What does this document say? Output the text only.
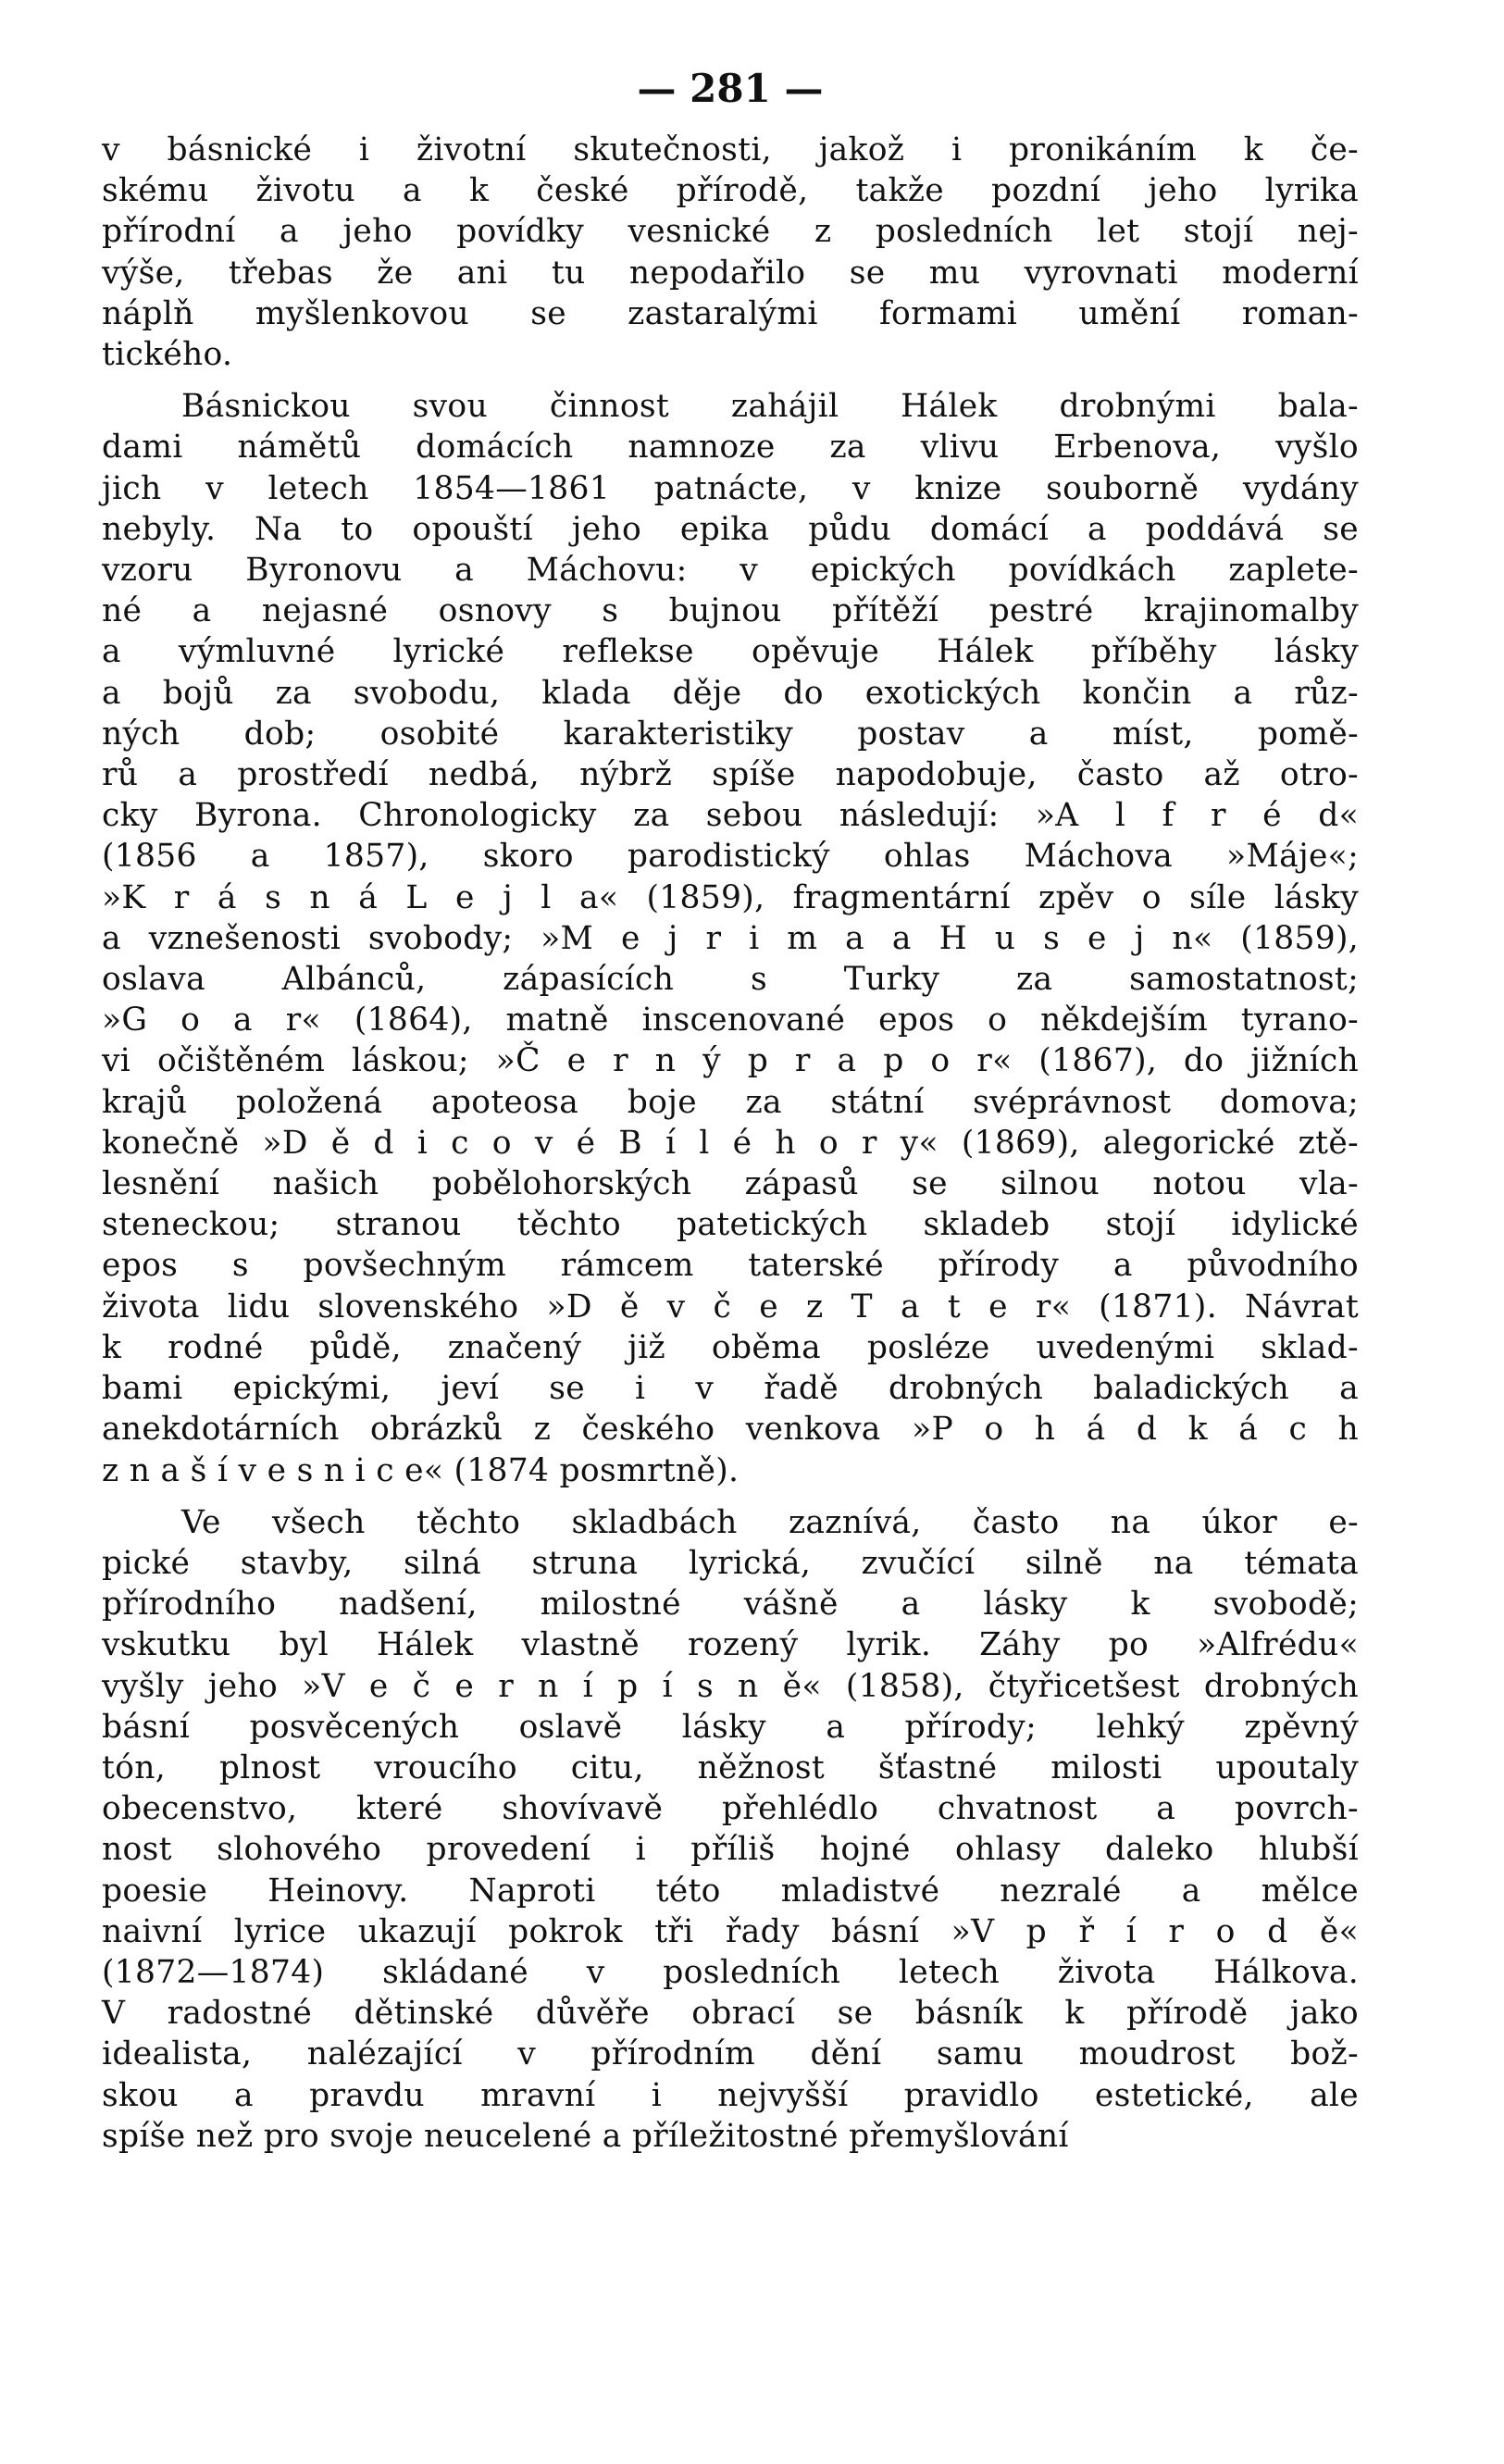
— 281 —
v básnické i životní skutečnosti, jakož i pronikáním k če-
skému životu a k české přírodě, takže pozdní jeho lyrika
přírodní a jeho povídky vesnické z posledních let stojí nej-
výše, třebas že ani tu nepodařilo se mu vyrovnati moderní
náplň myšlenkovou se zastaralými formami umění roman-
tického.
Básnickou svou činnost zahájil Hálek drobnými bala-
dami námětů domácích namnoze za vlivu Erbenova, vyšlo
jich v letech 1854—1861 patnácte, v knize souborně vydány
nebyly. Na to opouští jeho epika půdu domácí a poddává se
vzoru Byronovu a Máchovu: v epických povídkách zaplete-
né a nejasné osnovy s bujnou přítěží pestré krajinomalby
a výmluvné lyrické reflekse opěvuje Hálek příběhy lásky
a bojů za svobodu, klada děje do exotických končin a růz-
ných dob; osobité karakteristiky postav a míst, pomě-
rů a prostředí nedbá, nýbrž spíše napodobuje, často až otro-
cky Byrona. Chronologicky za sebou následují: »A l f r é d«
(1856 a 1857), skoro parodistický ohlas Máchova »Máje«;
»K r á s n á L e j l a« (1859), fragmentární zpěv o síle lásky
a vznešenosti svobody; »M e j r i m a a H u s e j n« (1859),
oslava Albánců, zápasících s Turky za samostatnost;
»G o a r« (1864), matně inscenované epos o někdejším tyrano-
vi očištěném láskou; »Č e r n ý p r a p o r« (1867), do jižních
krajů položená apoteosa boje za státní svéprávnost domova;
konečně »D ě d i c o v é B í l é h o r y« (1869), alegorické ztě-
lesnění našich pobělohorských zápasů se silnou notou vla-
steneckou; stranou těchto patetických skladeb stojí idylické
epos s povšechným rámcem taterské přírody a původního
života lidu slovenského »D ě v č e z T a t e r« (1871). Návrat
k rodné půdě, značený již oběma posléze uvedenými sklad-
bami epickými, jeví se i v řadě drobných baladických a
anekdotárních obrázků z českého venkova »P o h á d k á c h
z n a š í v e s n i c e« (1874 posmrtně).
Ve všech těchto skladbách zaznívá, často na úkor e-
pické stavby, silná struna lyrická, zvučící silně na témata
přírodního nadšení, milostné vášně a lásky k svobodě;
vskutku byl Hálek vlastně rozený lyrik. Záhy po »Alfrédu«
vyšly jeho »V e č e r n í p í s n ě« (1858), čtyřicetšest drobných
básní posvěcených oslavě lásky a přírody; lehký zpěvný
tón, plnost vroucího citu, něžnost šťastné milosti upoutaly
obecenstvo, které shovívavě přehlédlo chvatnost a povrch-
nost slohového provedení i příliš hojné ohlasy daleko hlubší
poesie Heinovy. Naproti této mladistvé nezralé a mělce
naivní lyrice ukazují pokrok tři řady básní »V p ř í r o d ě«
(1872—1874) skládané v posledních letech života Hálkova.
V radostné dětinské důvěře obrací se básník k přírodě jako
idealista, nalézající v přírodním dění samu moudrost bož-
skou a pravdu mravní i nejvyšší pravidlo estetické, ale
spíše než pro svoje neucelené a příležitostné přemyšlování
